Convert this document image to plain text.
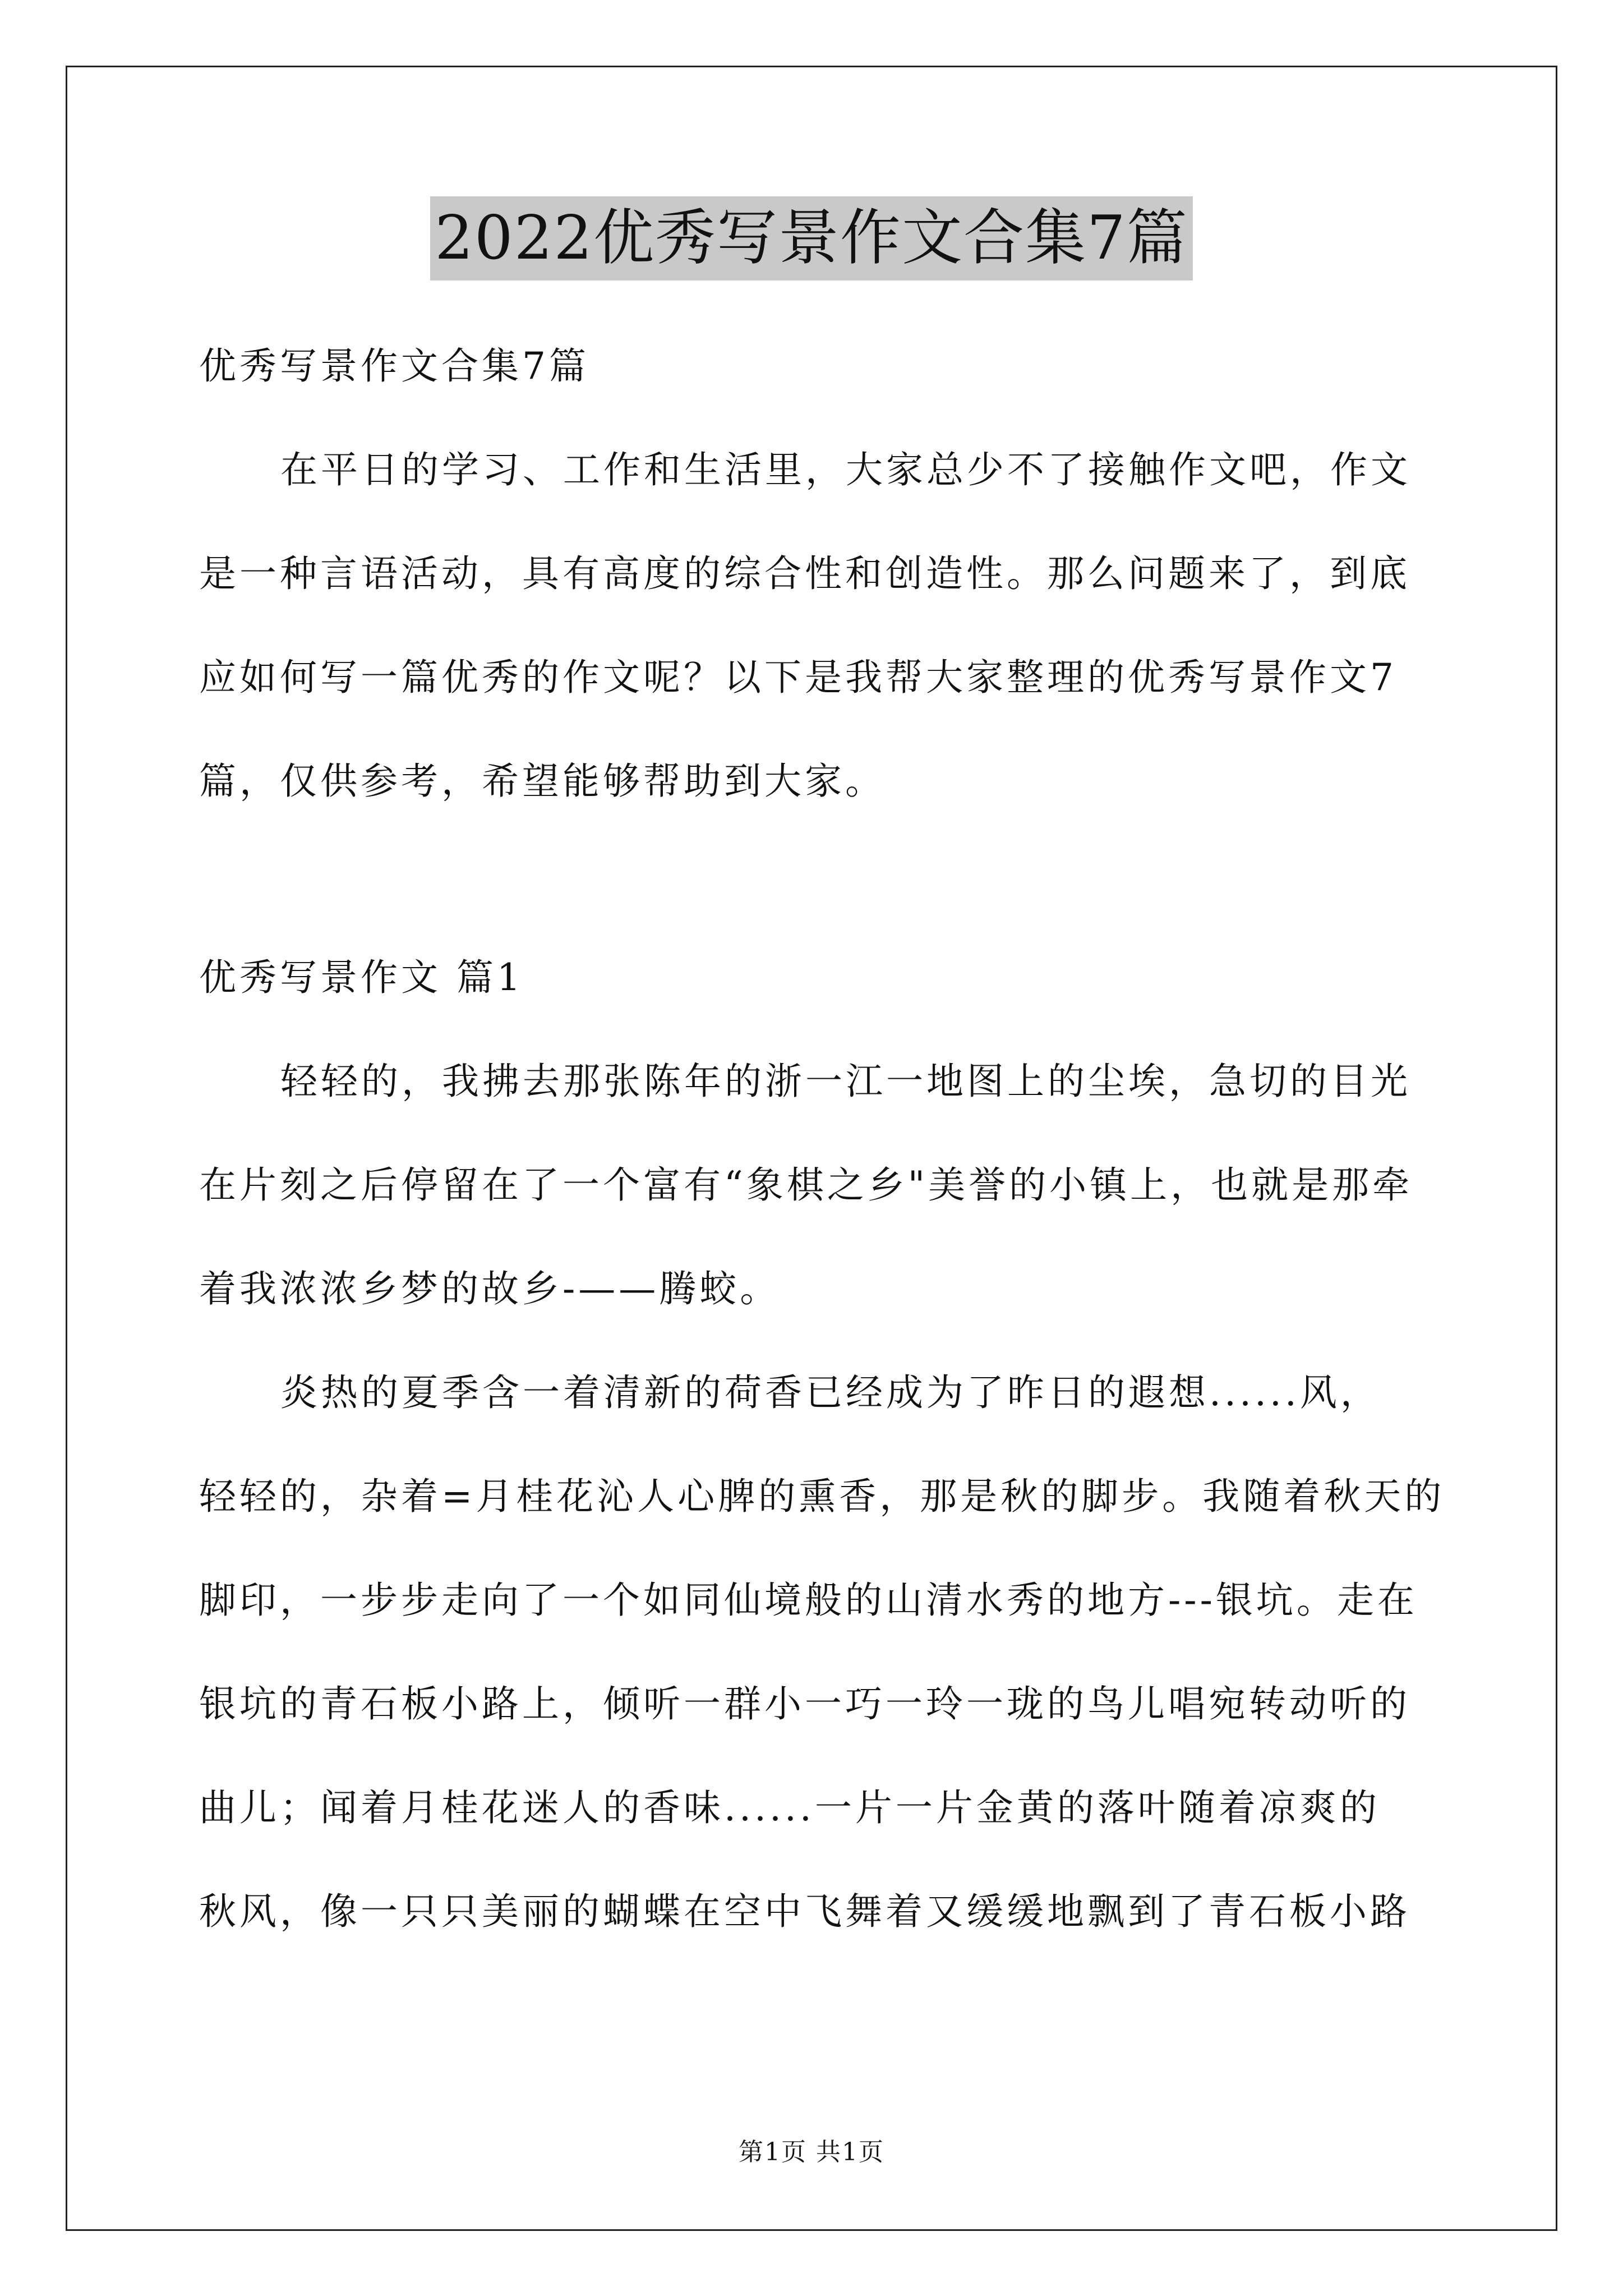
2022优秀写景作文合集7篇
优秀写景作文合集7篇
在平日的学习、工作和生活里，大家总少不了接触作文吧，作文
是一种言语活动，具有高度的综合性和创造性。那么问题来了，到底
应如何写一篇优秀的作文呢？以下是我帮大家整理的优秀写景作文7
篇，仅供参考，希望能够帮助到大家。
优秀写景作文 篇1
轻轻的，我拂去那张陈年的浙一江一地图上的尘埃，急切的目光
在片刻之后停留在了一个富有“象棋之乡"美誉的小镇上，也就是那牵
着我浓浓乡梦的故乡-——腾蛟。
炎热的夏季含一着清新的荷香已经成为了昨日的遐想......风，
轻轻的，杂着=月桂花沁人心脾的熏香，那是秋的脚步。我随着秋天的
脚印，一步步走向了一个如同仙境般的山清水秀的地方---银坑。走在
银坑的青石板小路上，倾听一群小一巧一玲一珑的鸟儿唱宛转动听的
曲儿；闻着月桂花迷人的香味......一片一片金黄的落叶随着凉爽的
秋风，像一只只美丽的蝴蝶在空中飞舞着又缓缓地飘到了青石板小路
第1页 共1页
